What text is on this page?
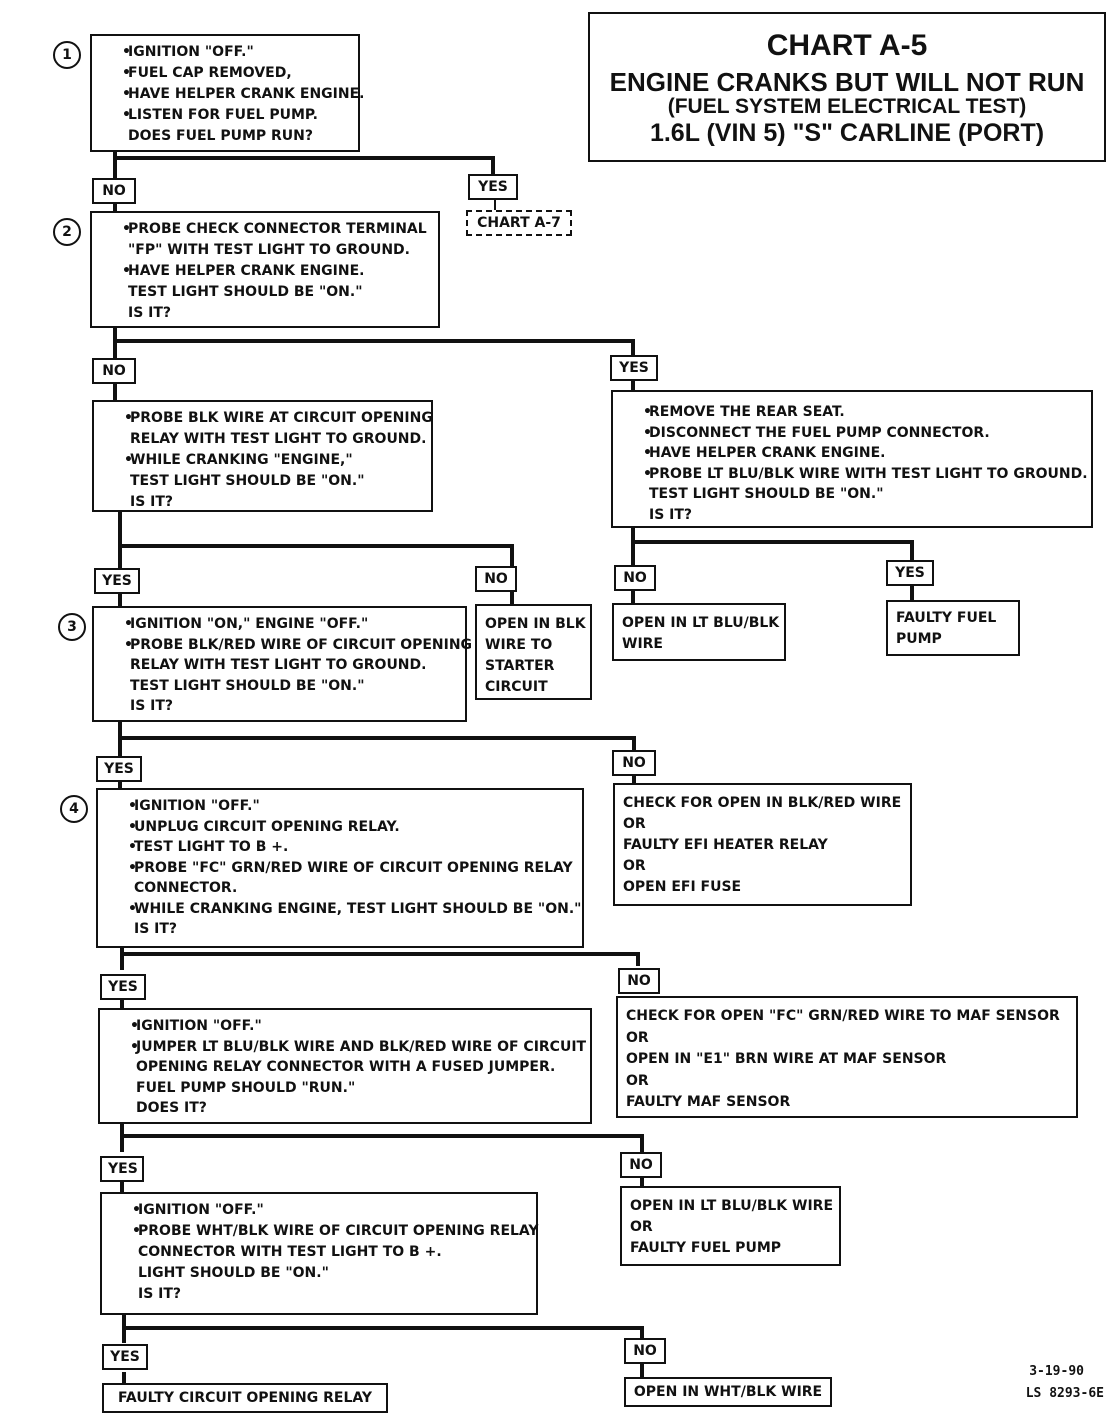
CHART A-5
ENGINE CRANKS BUT WILL NOT RUN
(FUEL SYSTEM ELECTRICAL TEST)
1.6L (VIN 5) "S" CARLINE (PORT)
1	• IGNITION "OFF."
• FUEL CAP REMOVED,
• HAVE HELPER CRANK ENGINE.
• LISTEN FOR FUEL PUMP.
DOES FUEL PUMP RUN?
NO	YES
CHART A-7
2	• PROBE CHECK CONNECTOR TERMINAL
"FP" WITH TEST LIGHT TO GROUND.
• HAVE HELPER CRANK ENGINE.
TEST LIGHT SHOULD BE "ON."
IS IT?
NO	YES
• PROBE BLK WIRE AT CIRCUIT OPENING
RELAY WITH TEST LIGHT TO GROUND.
• WHILE CRANKING "ENGINE,"
TEST LIGHT SHOULD BE "ON."
IS IT?
• REMOVE THE REAR SEAT.
• DISCONNECT THE FUEL PUMP CONNECTOR.
• HAVE HELPER CRANK ENGINE.
• PROBE LT BLU/BLK WIRE WITH TEST LIGHT TO GROUND.
TEST LIGHT SHOULD BE "ON."
IS IT?
YES	NO	NO	YES
3	• IGNITION "ON," ENGINE "OFF."
• PROBE BLK/RED WIRE OF CIRCUIT OPENING
RELAY WITH TEST LIGHT TO GROUND.
TEST LIGHT SHOULD BE "ON."
IS IT?
OPEN IN BLK
WIRE TO
STARTER
CIRCUIT
OPEN IN LT BLU/BLK
WIRE
FAULTY FUEL
PUMP
YES	NO
4	• IGNITION "OFF."
• UNPLUG CIRCUIT OPENING RELAY.
• TEST LIGHT TO B +.
• PROBE "FC" GRN/RED WIRE OF CIRCUIT OPENING RELAY
CONNECTOR.
• WHILE CRANKING ENGINE, TEST LIGHT SHOULD BE "ON."
IS IT?
CHECK FOR OPEN IN BLK/RED WIRE
OR
FAULTY EFI HEATER RELAY
OR
OPEN EFI FUSE
YES	NO
• IGNITION "OFF."
• JUMPER LT BLU/BLK WIRE AND BLK/RED WIRE OF CIRCUIT
OPENING RELAY CONNECTOR WITH A FUSED JUMPER.
FUEL PUMP SHOULD "RUN."
DOES IT?
CHECK FOR OPEN "FC" GRN/RED WIRE TO MAF SENSOR
OR
OPEN IN "E1" BRN WIRE AT MAF SENSOR
OR
FAULTY MAF SENSOR
YES	NO
• IGNITION "OFF."
• PROBE WHT/BLK WIRE OF CIRCUIT OPENING RELAY
CONNECTOR WITH TEST LIGHT TO B +.
LIGHT SHOULD BE "ON."
IS IT?
OPEN IN LT BLU/BLK WIRE
OR
FAULTY FUEL PUMP
YES	NO
FAULTY CIRCUIT OPENING RELAY	OPEN IN WHT/BLK WIRE
3-19-90
LS 8293-6E
